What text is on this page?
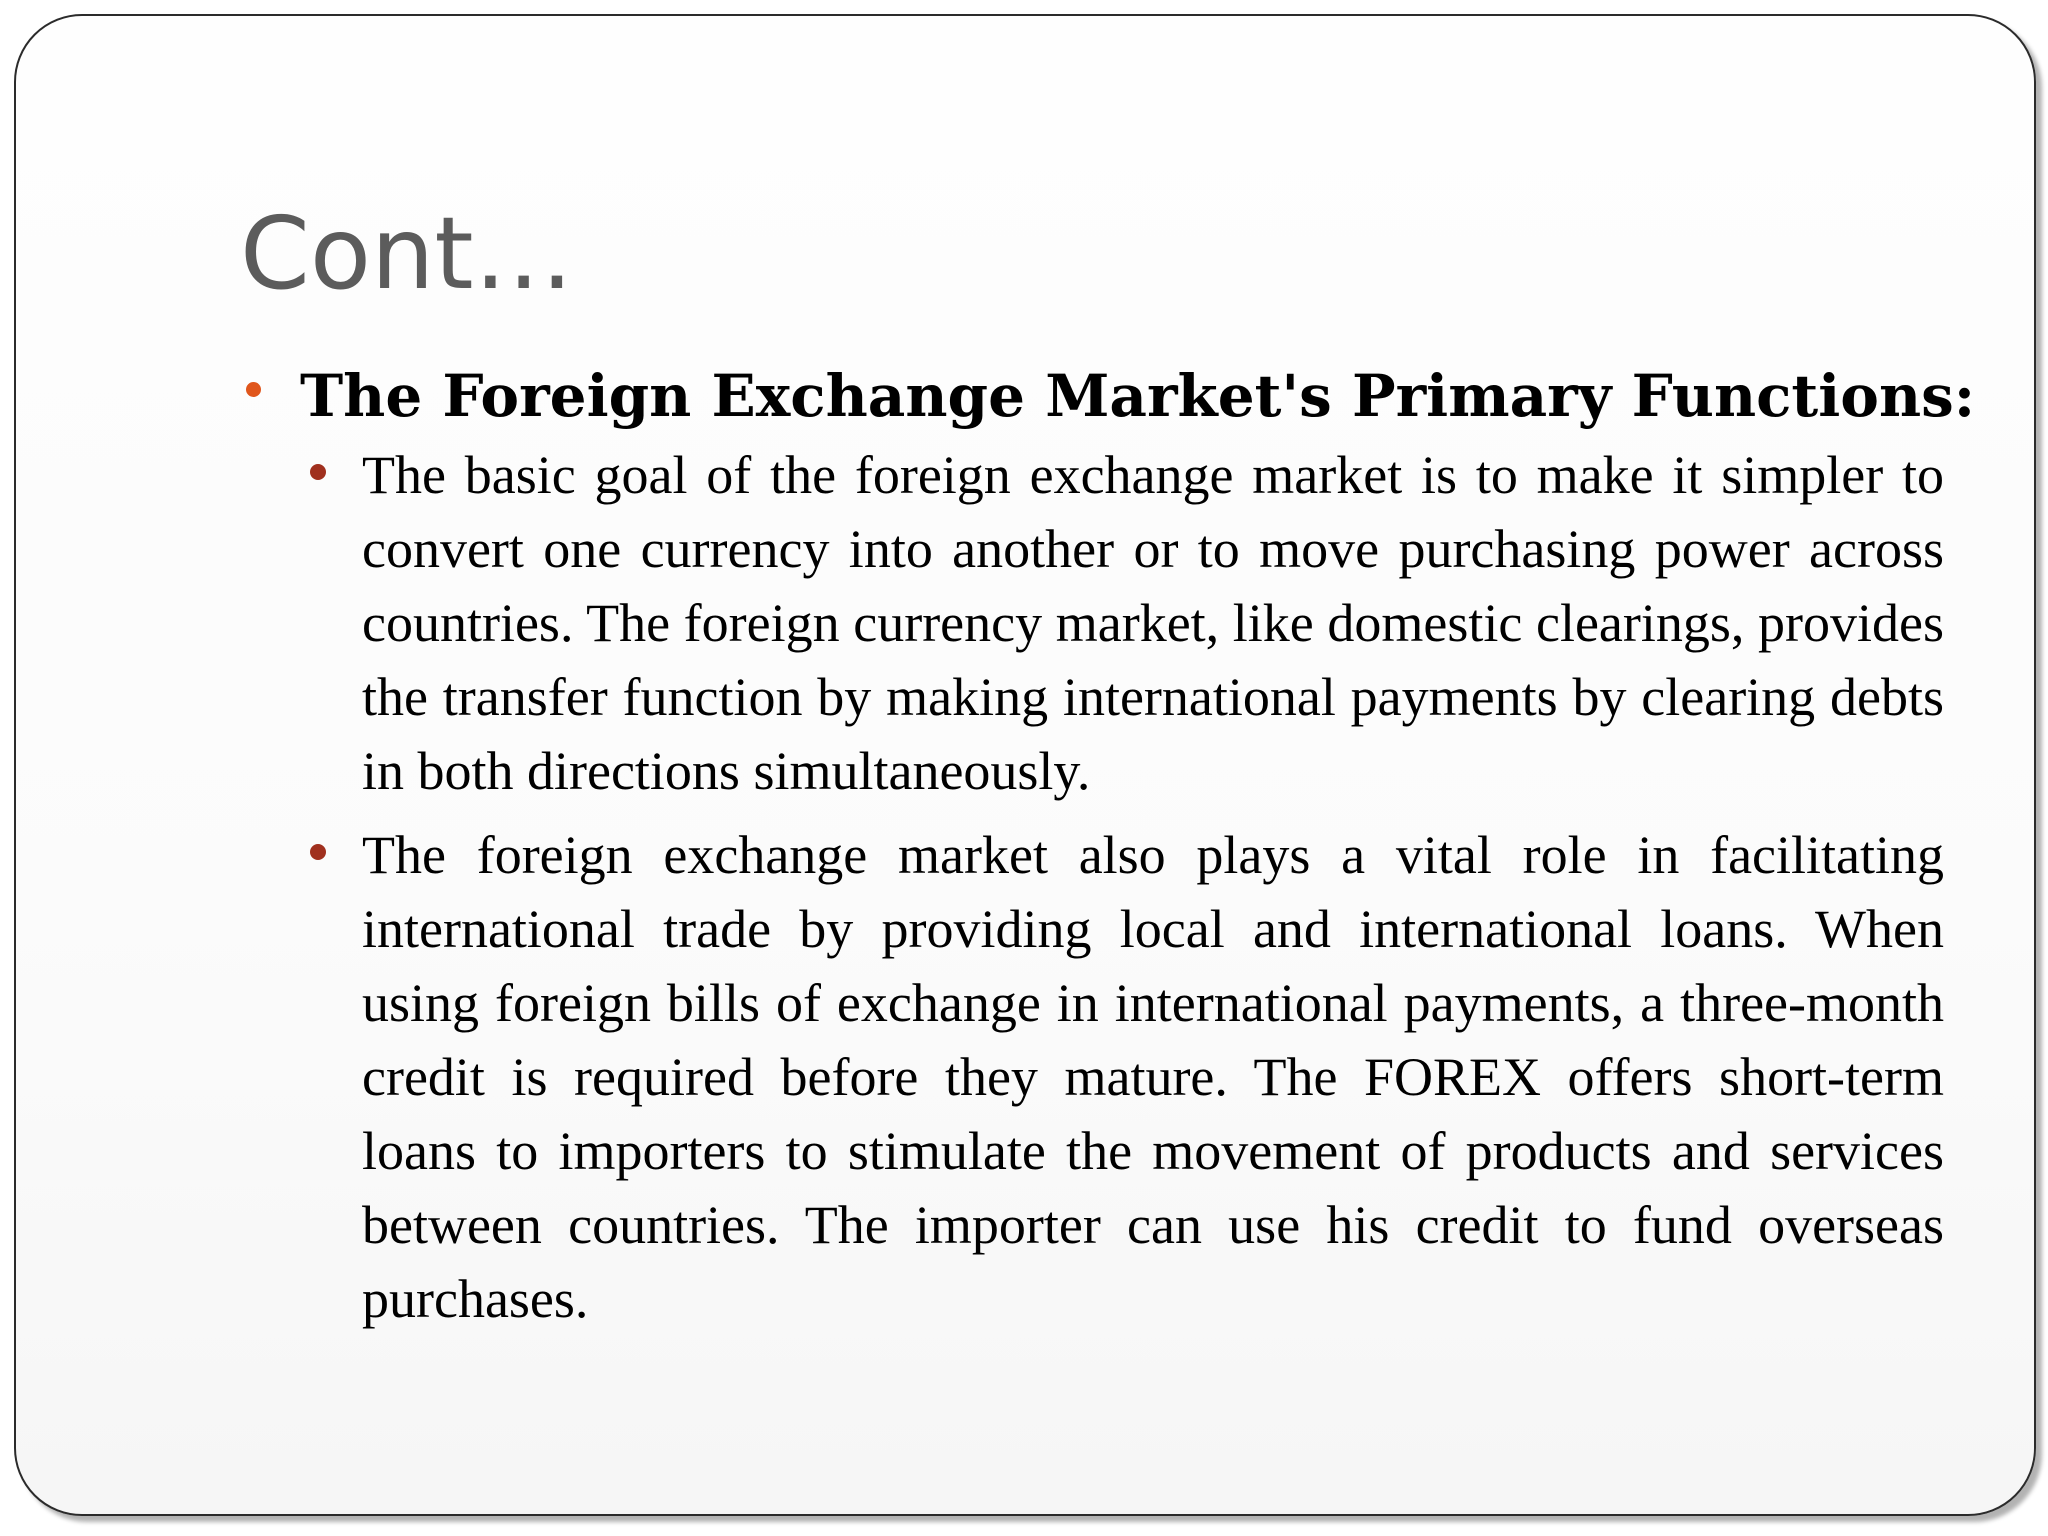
Cont…
The Foreign Exchange Market's Primary Functions:
The basic goal of the foreign exchange market is to make it simpler to convert one currency into another or to move purchasing power across countries. The foreign currency market, like domestic clearings, provides the transfer function by making international payments by clearing debts in both directions simultaneously.
The foreign exchange market also plays a vital role in facilitating international trade by providing local and international loans. When using foreign bills of exchange in international payments, a three-month credit is required before they mature. The FOREX offers short-term loans to importers to stimulate the movement of products and services between countries. The importer can use his credit to fund overseas purchases.
